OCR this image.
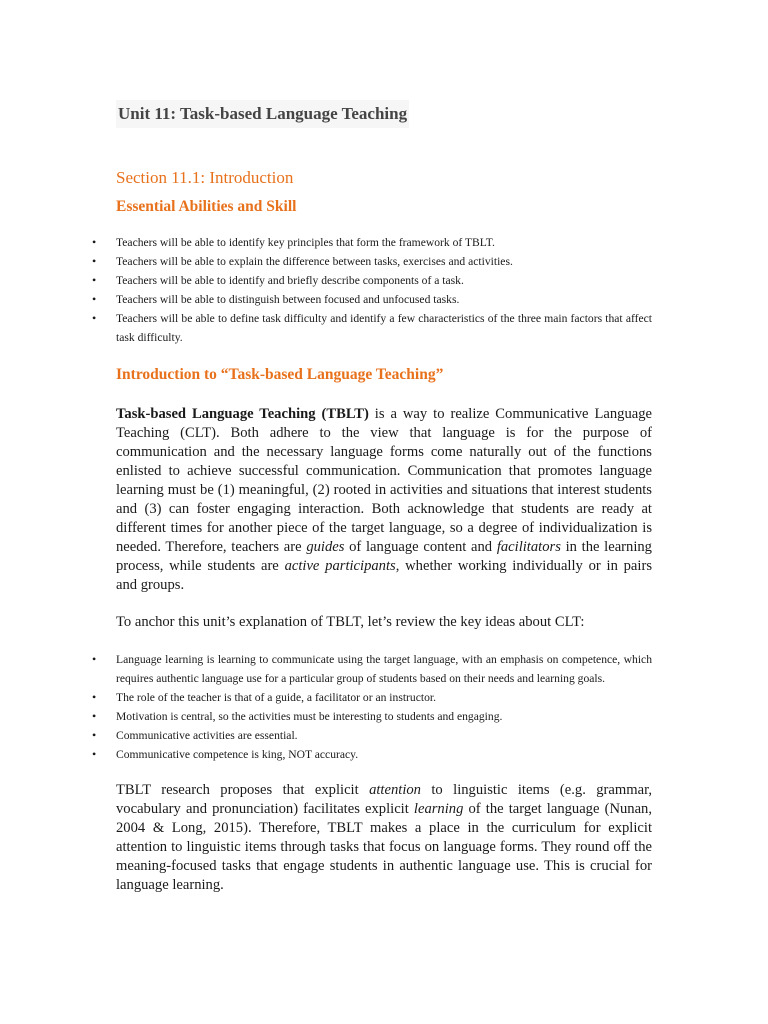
Unit 11: Task-based Language Teaching
Section 11.1: Introduction
Essential Abilities and Skill
• Teachers will be able to identify key principles that form the framework of TBLT.
• Teachers will be able to explain the difference between tasks, exercises and activities.
• Teachers will be able to identify and briefly describe components of a task.
• Teachers will be able to distinguish between focused and unfocused tasks.
• Teachers will be able to define task difficulty and identify a few characteristics of the three main factors that affect task difficulty.
Introduction to “Task-based Language Teaching”

Task-based Language Teaching (TBLT) is a way to realize Communicative Language Teaching (CLT). Both adhere to the view that language is for the purpose of communication and the necessary language forms come naturally out of the functions enlisted to achieve successful communication. Communication that promotes language learning must be (1) meaningful, (2) rooted in activities and situations that interest students and (3) can foster engaging interaction. Both acknowledge that students are ready at different times for another piece of the target language, so a degree of individualization is needed. Therefore, teachers are guides of language content and facilitators in the learning process, while students are active participants, whether working individually or in pairs and groups.

To anchor this unit’s explanation of TBLT, let’s review the key ideas about CLT:

• Language learning is learning to communicate using the target language, with an emphasis on competence, which requires authentic language use for a particular group of students based on their needs and learning goals.
• The role of the teacher is that of a guide, a facilitator or an instructor.
• Motivation is central, so the activities must be interesting to students and engaging.
• Communicative activities are essential.
• Communicative competence is king, NOT accuracy.

TBLT research proposes that explicit attention to linguistic items (e.g. grammar, vocabulary and pronunciation) facilitates explicit learning of the target language (Nunan, 2004 & Long, 2015). Therefore, TBLT makes a place in the curriculum for explicit attention to linguistic items through tasks that focus on language forms. They round off the meaning-focused tasks that engage students in authentic language use. This is crucial for language learning.
